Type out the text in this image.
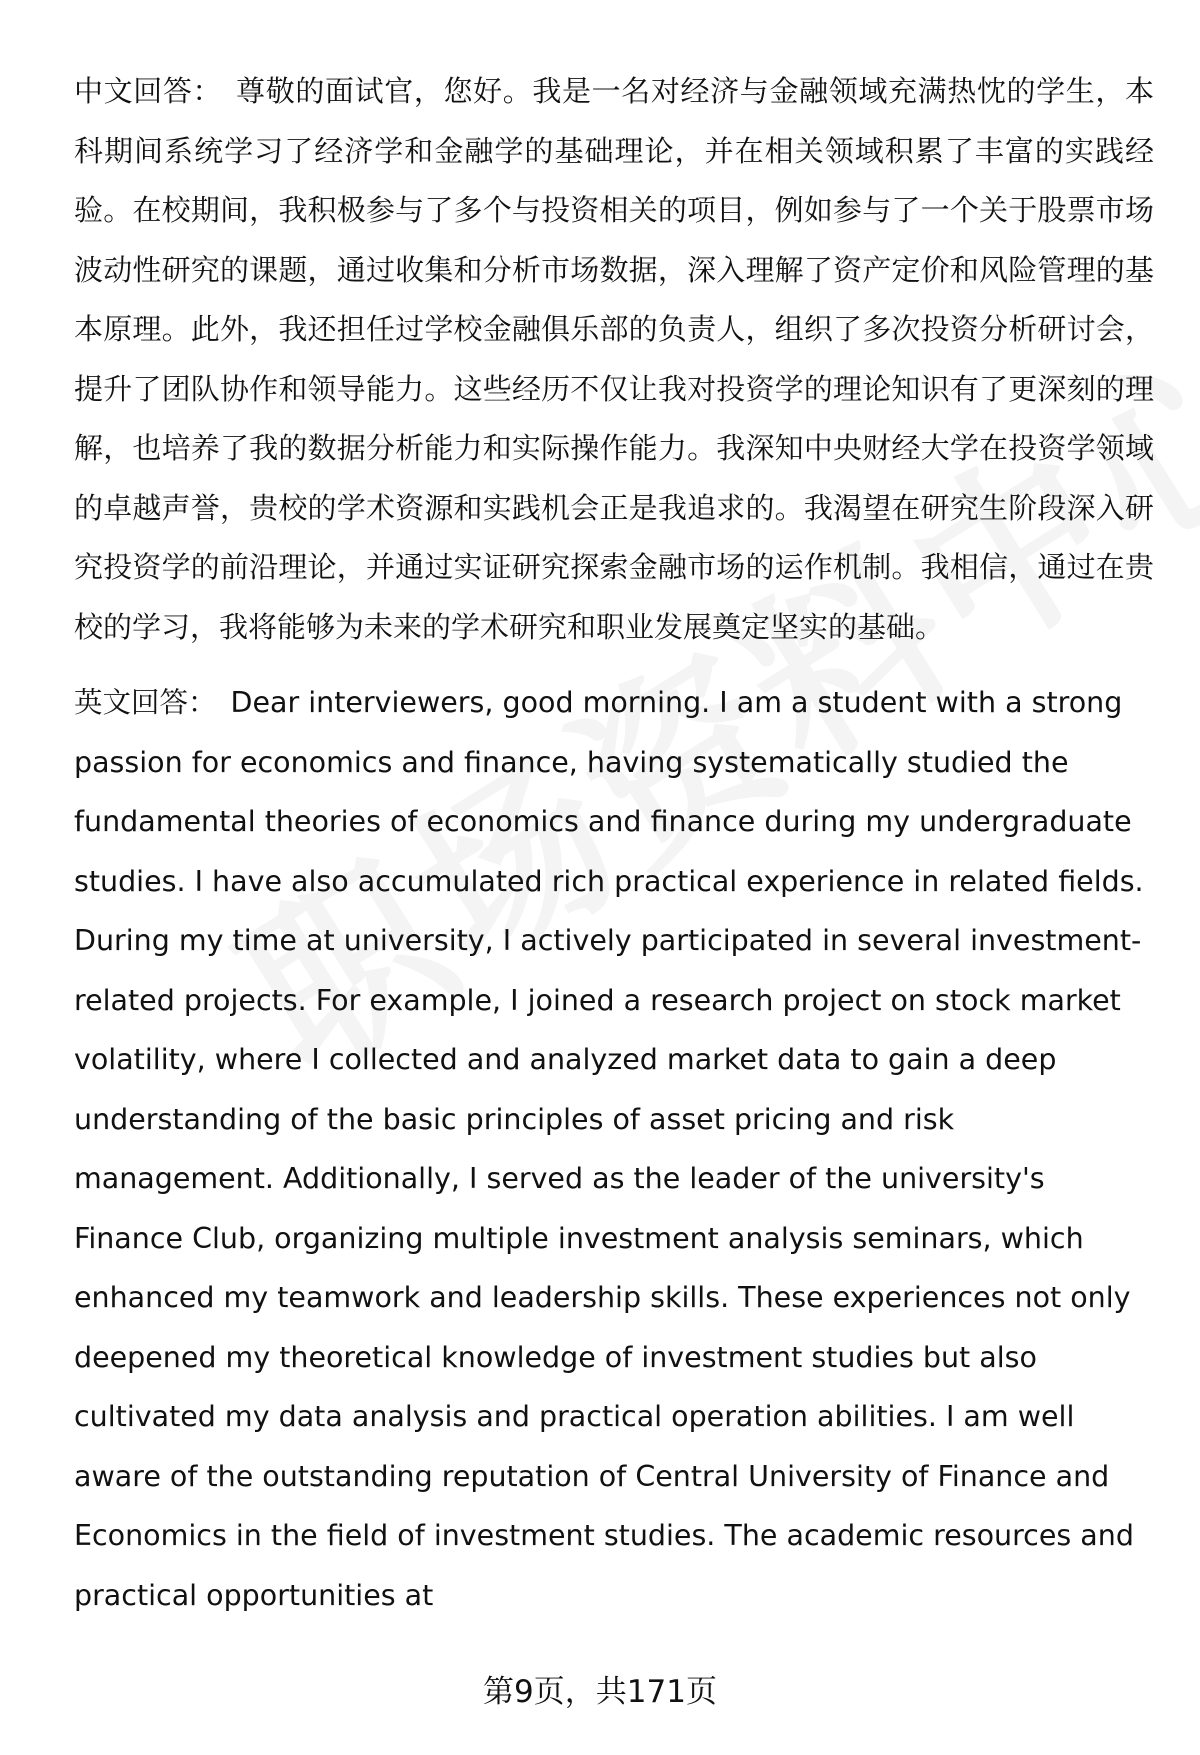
中文回答： 尊敬的面试官，您好。我是一名对经济与金融领域充满热忱的学生，本科期间系统学习了经济学和金融学的基础理论，并在相关领域积累了丰富的实践经验。在校期间，我积极参与了多个与投资相关的项目，例如参与了一个关于股票市场波动性研究的课题，通过收集和分析市场数据，深入理解了资产定价和风险管理的基本原理。此外，我还担任过学校金融俱乐部的负责人，组织了多次投资分析研讨会，提升了团队协作和领导能力。这些经历不仅让我对投资学的理论知识有了更深刻的理解，也培养了我的数据分析能力和实际操作能力。我深知中央财经大学在投资学领域的卓越声誉，贵校的学术资源和实践机会正是我追求的。我渴望在研究生阶段深入研究投资学的前沿理论，并通过实证研究探索金融市场的运作机制。我相信，通过在贵校的学习，我将能够为未来的学术研究和职业发展奠定坚实的基础。

英文回答： Dear interviewers, good morning. I am a student with a strong passion for economics and finance, having systematically studied the fundamental theories of economics and finance during my undergraduate studies. I have also accumulated rich practical experience in related fields. During my time at university, I actively participated in several investment-related projects. For example, I joined a research project on stock market volatility, where I collected and analyzed market data to gain a deep understanding of the basic principles of asset pricing and risk management. Additionally, I served as the leader of the university's Finance Club, organizing multiple investment analysis seminars, which enhanced my teamwork and leadership skills. These experiences not only deepened my theoretical knowledge of investment studies but also cultivated my data analysis and practical operation abilities. I am well aware of the outstanding reputation of Central University of Finance and Economics in the field of investment studies. The academic resources and practical opportunities at

第9页，共171页
